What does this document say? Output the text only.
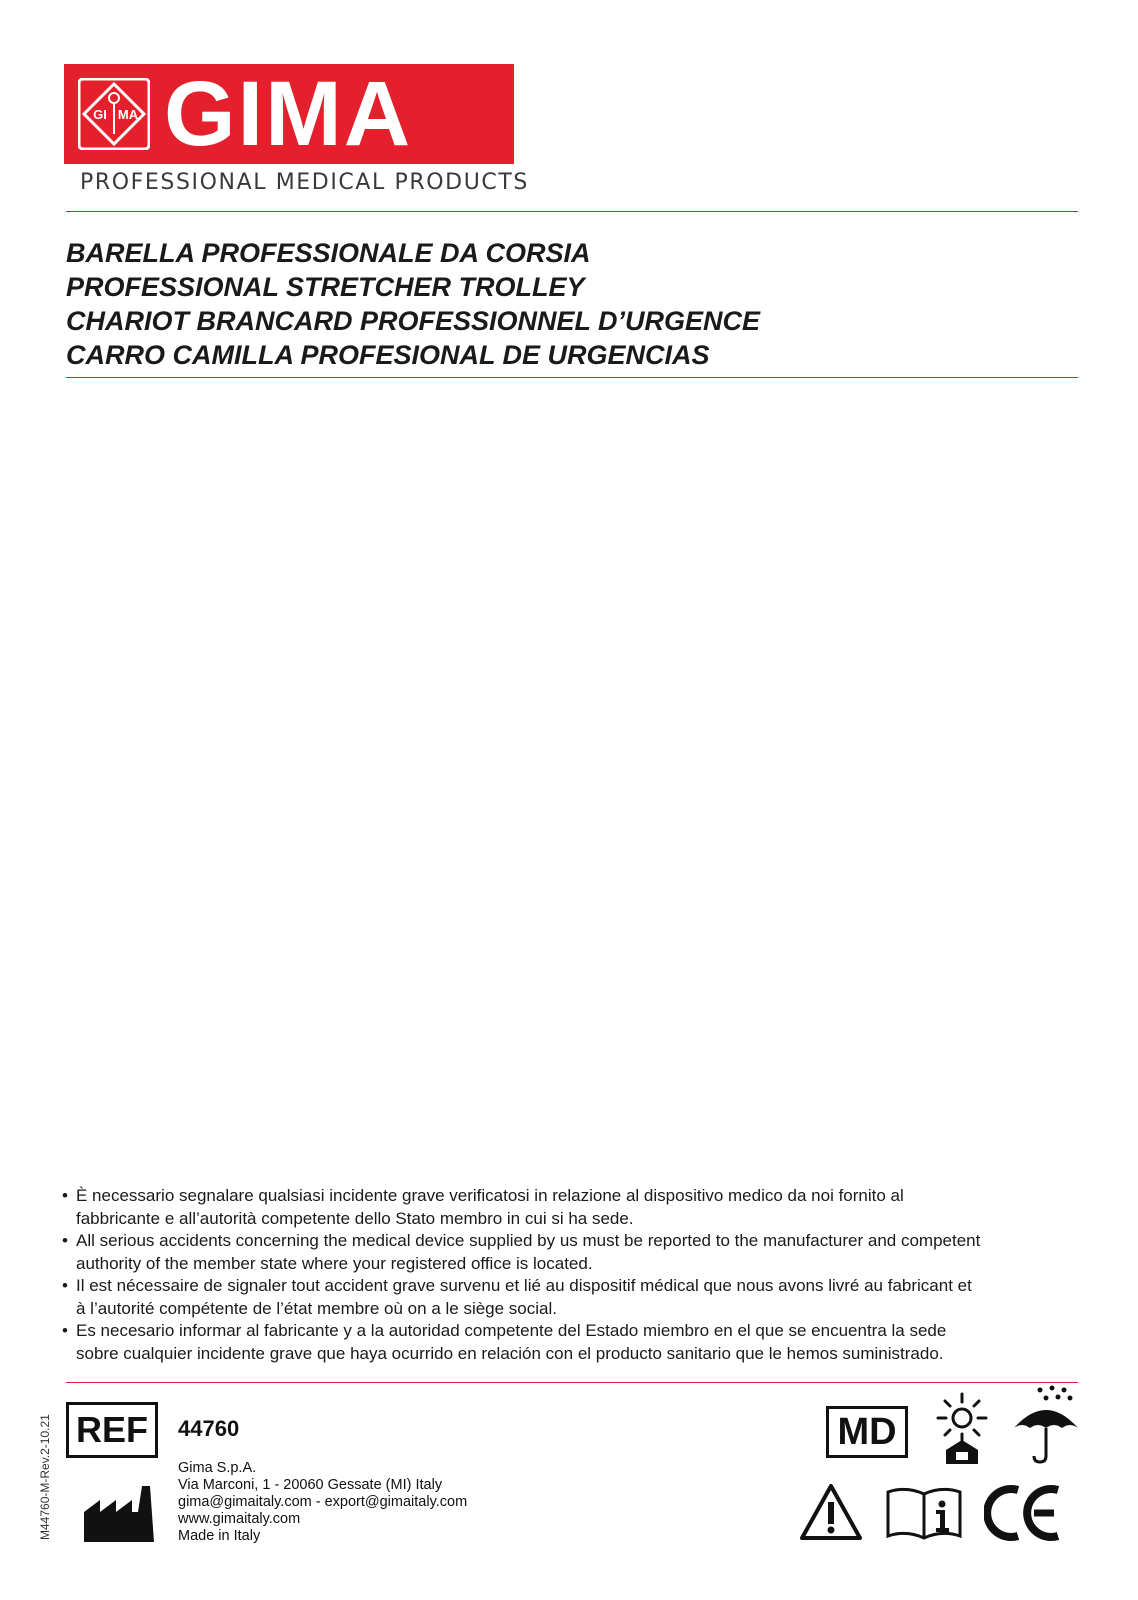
GI MA GIMA
PROFESSIONAL MEDICAL PRODUCTS
BARELLA PROFESSIONALE DA CORSIA
PROFESSIONAL STRETCHER TROLLEY
CHARIOT BRANCARD PROFESSIONNEL D’URGENCE
CARRO CAMILLA PROFESIONAL DE URGENCIAS
• È necessario segnalare qualsiasi incidente grave verificatosi in relazione al dispositivo medico da noi fornito al
fabbricante e all’autorità competente dello Stato membro in cui si ha sede.
• All serious accidents concerning the medical device supplied by us must be reported to the manufacturer and competent
authority of the member state where your registered office is located.
• Il est nécessaire de signaler tout accident grave survenu et lié au dispositif médical que nous avons livré au fabricant et
à l’autorité compétente de l’état membre où on a le siège social.
• Es necesario informar al fabricante y a la autoridad competente del Estado miembro en el que se encuentra la sede
sobre cualquier incidente grave que haya ocurrido en relación con el producto sanitario que le hemos suministrado.
M44760-M-Rev.2-10.21 REF	44760
Gima S.p.A.
Via Marconi, 1 - 20060 Gessate (MI) Italy
gima@gimaitaly.com - export@gimaitaly.com
www.gimaitaly.com
Made in Italy
MD
